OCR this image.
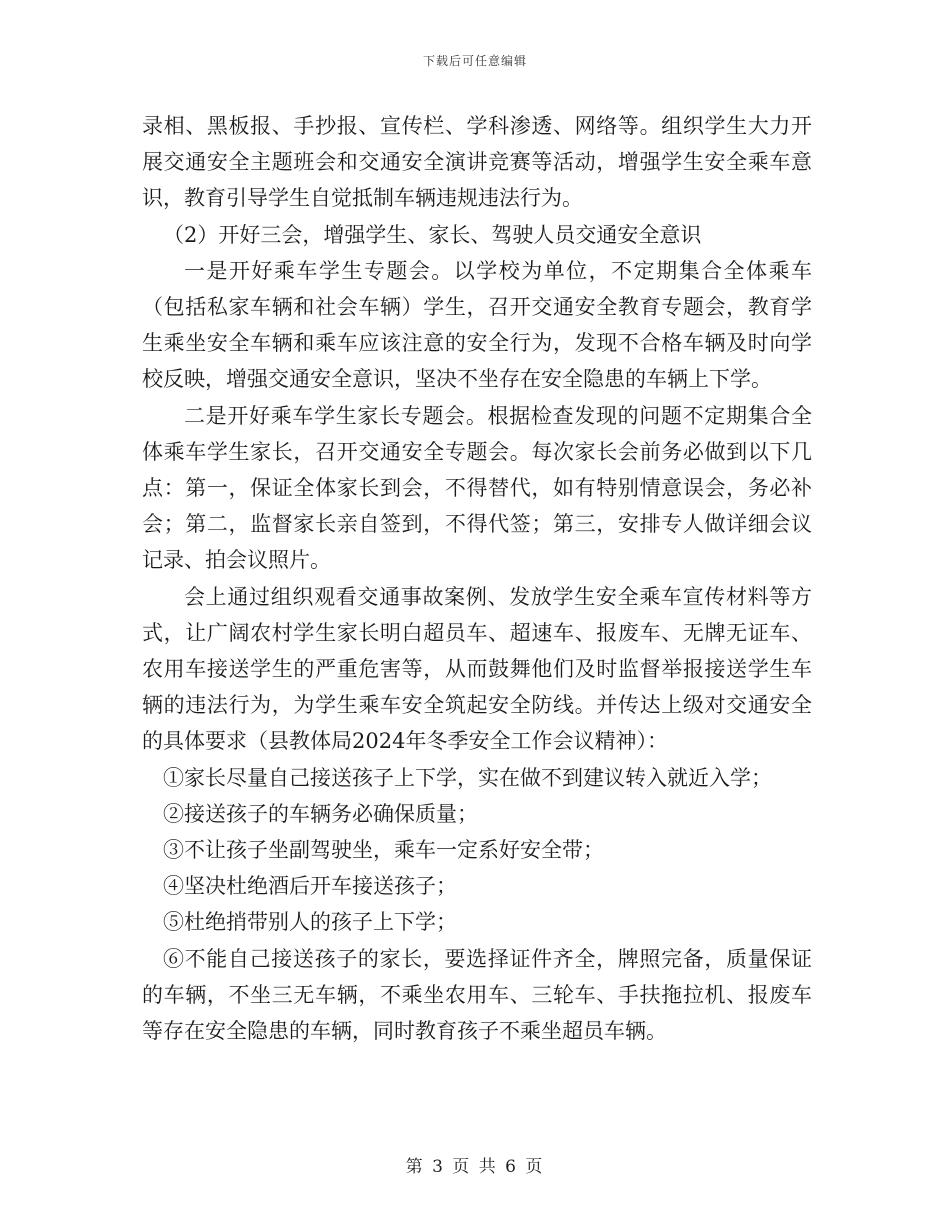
下载后可任意编辑

录相、黑板报、手抄报、宣传栏、学科渗透、网络等。组织学生大力开展交通安全主题班会和交通安全演讲竞赛等活动，增强学生安全乘车意识，教育引导学生自觉抵制车辆违规违法行为。

（2）开好三会，增强学生、家长、驾驶人员交通安全意识

一是开好乘车学生专题会。以学校为单位，不定期集合全体乘车（包括私家车辆和社会车辆）学生，召开交通安全教育专题会，教育学生乘坐安全车辆和乘车应该注意的安全行为，发现不合格车辆及时向学校反映，增强交通安全意识，坚决不坐存在安全隐患的车辆上下学。

二是开好乘车学生家长专题会。根据检查发现的问题不定期集合全体乘车学生家长，召开交通安全专题会。每次家长会前务必做到以下几点：第一，保证全体家长到会，不得替代，如有特别情意误会，务必补会；第二，监督家长亲自签到，不得代签；第三，安排专人做详细会议记录、拍会议照片。

会上通过组织观看交通事故案例、发放学生安全乘车宣传材料等方式，让广阔农村学生家长明白超员车、超速车、报废车、无牌无证车、农用车接送学生的严重危害等，从而鼓舞他们及时监督举报接送学生车辆的违法行为，为学生乘车安全筑起安全防线。并传达上级对交通安全的具体要求（县教体局2024年冬季安全工作会议精神）：

①家长尽量自己接送孩子上下学，实在做不到建议转入就近入学；

②接送孩子的车辆务必确保质量；

③不让孩子坐副驾驶坐，乘车一定系好安全带；

④坚决杜绝酒后开车接送孩子；

⑤杜绝捎带别人的孩子上下学；

⑥不能自己接送孩子的家长，要选择证件齐全，牌照完备，质量保证的车辆，不坐三无车辆，不乘坐农用车、三轮车、手扶拖拉机、报废车等存在安全隐患的车辆，同时教育孩子不乘坐超员车辆。

第 3 页 共 6 页
